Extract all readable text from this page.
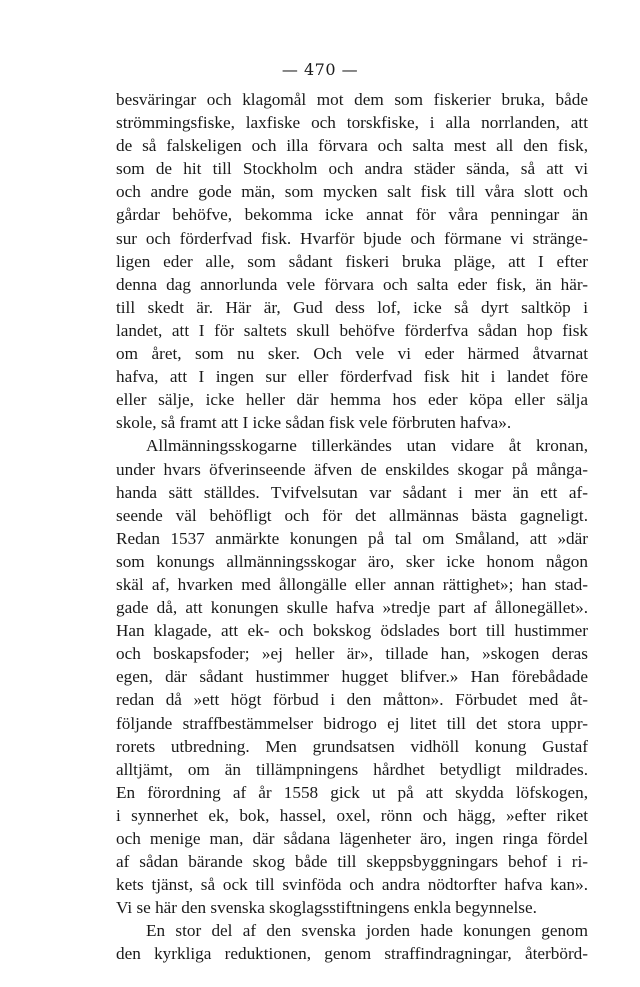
— 470 —
besväringar och klagomål mot dem som fiskerier bruka, både
strömmingsfiske, laxfiske och torskfiske, i alla norrlanden, att
de så falskeligen och illa förvara och salta mest all den fisk,
som de hit till Stockholm och andra städer sända, så att vi
och andre gode män, som mycken salt fisk till våra slott och
gårdar behöfve, bekomma icke annat för våra penningar än
sur och förderfvad fisk. Hvarför bjude och förmane vi stränge-
ligen eder alle, som sådant fiskeri bruka pläge, att I efter
denna dag annorlunda vele förvara och salta eder fisk, än här-
till skedt är. Här är, Gud dess lof, icke så dyrt saltköp i
landet, att I för saltets skull behöfve förderfva sådan hop fisk
om året, som nu sker. Och vele vi eder härmed åtvarnat
hafva, att I ingen sur eller förderfvad fisk hit i landet före
eller sälje, icke heller där hemma hos eder köpa eller sälja
skole, så framt att I icke sådan fisk vele förbruten hafva».
Allmänningsskogarne tillerkändes utan vidare åt kronan,
under hvars öfverinseende äfven de enskildes skogar på mångа-
handa sätt ställdes. Tvifvelsutan var sådant i mer än ett af-
seende väl behöfligt och för det allmännas bästa gagneligt.
Redan 1537 anmärkte konungen på tal om Småland, att »där
som konungs allmänningsskogar äro, sker icke honom någon
skäl af, hvarken med ållongälle eller annan rättighet»; han stad-
gade då, att konungen skulle hafva »tredje part af ållonegället».
Han klagade, att ek- och bokskog ödslades bort till hustimmer
och boskapsfoder; »ej heller är», tillade han, »skogen deras
egen, där sådant hustimmer hugget blifver.» Han förebådade
redan då »ett högt förbud i den måtton». Förbudet med åt-
följande straffbestämmelser bidrogo ej litet till det stora uppr-
rorets utbredning. Men grundsatsen vidhöll konung Gustaf
alltjämt, om än tillämpningens hårdhet betydligt mildrades.
En förordning af år 1558 gick ut på att skydda löfskogen,
i synnerhet ek, bok, hassel, oxel, rönn och hägg, »efter riket
och menige man, där sådana lägenheter äro, ingen ringa fördel
af sådan bärande skog både till skeppsbyggningars behof i ri-
kets tjänst, så ock till svinföda och andra nödtorfter hafva kan».
Vi se här den svenska skoglagsstiftningens enkla begynnelse.
En stor del af den svenska jorden hade konungen genom
den kyrkliga reduktionen, genom straffindragningar, återbörd-
